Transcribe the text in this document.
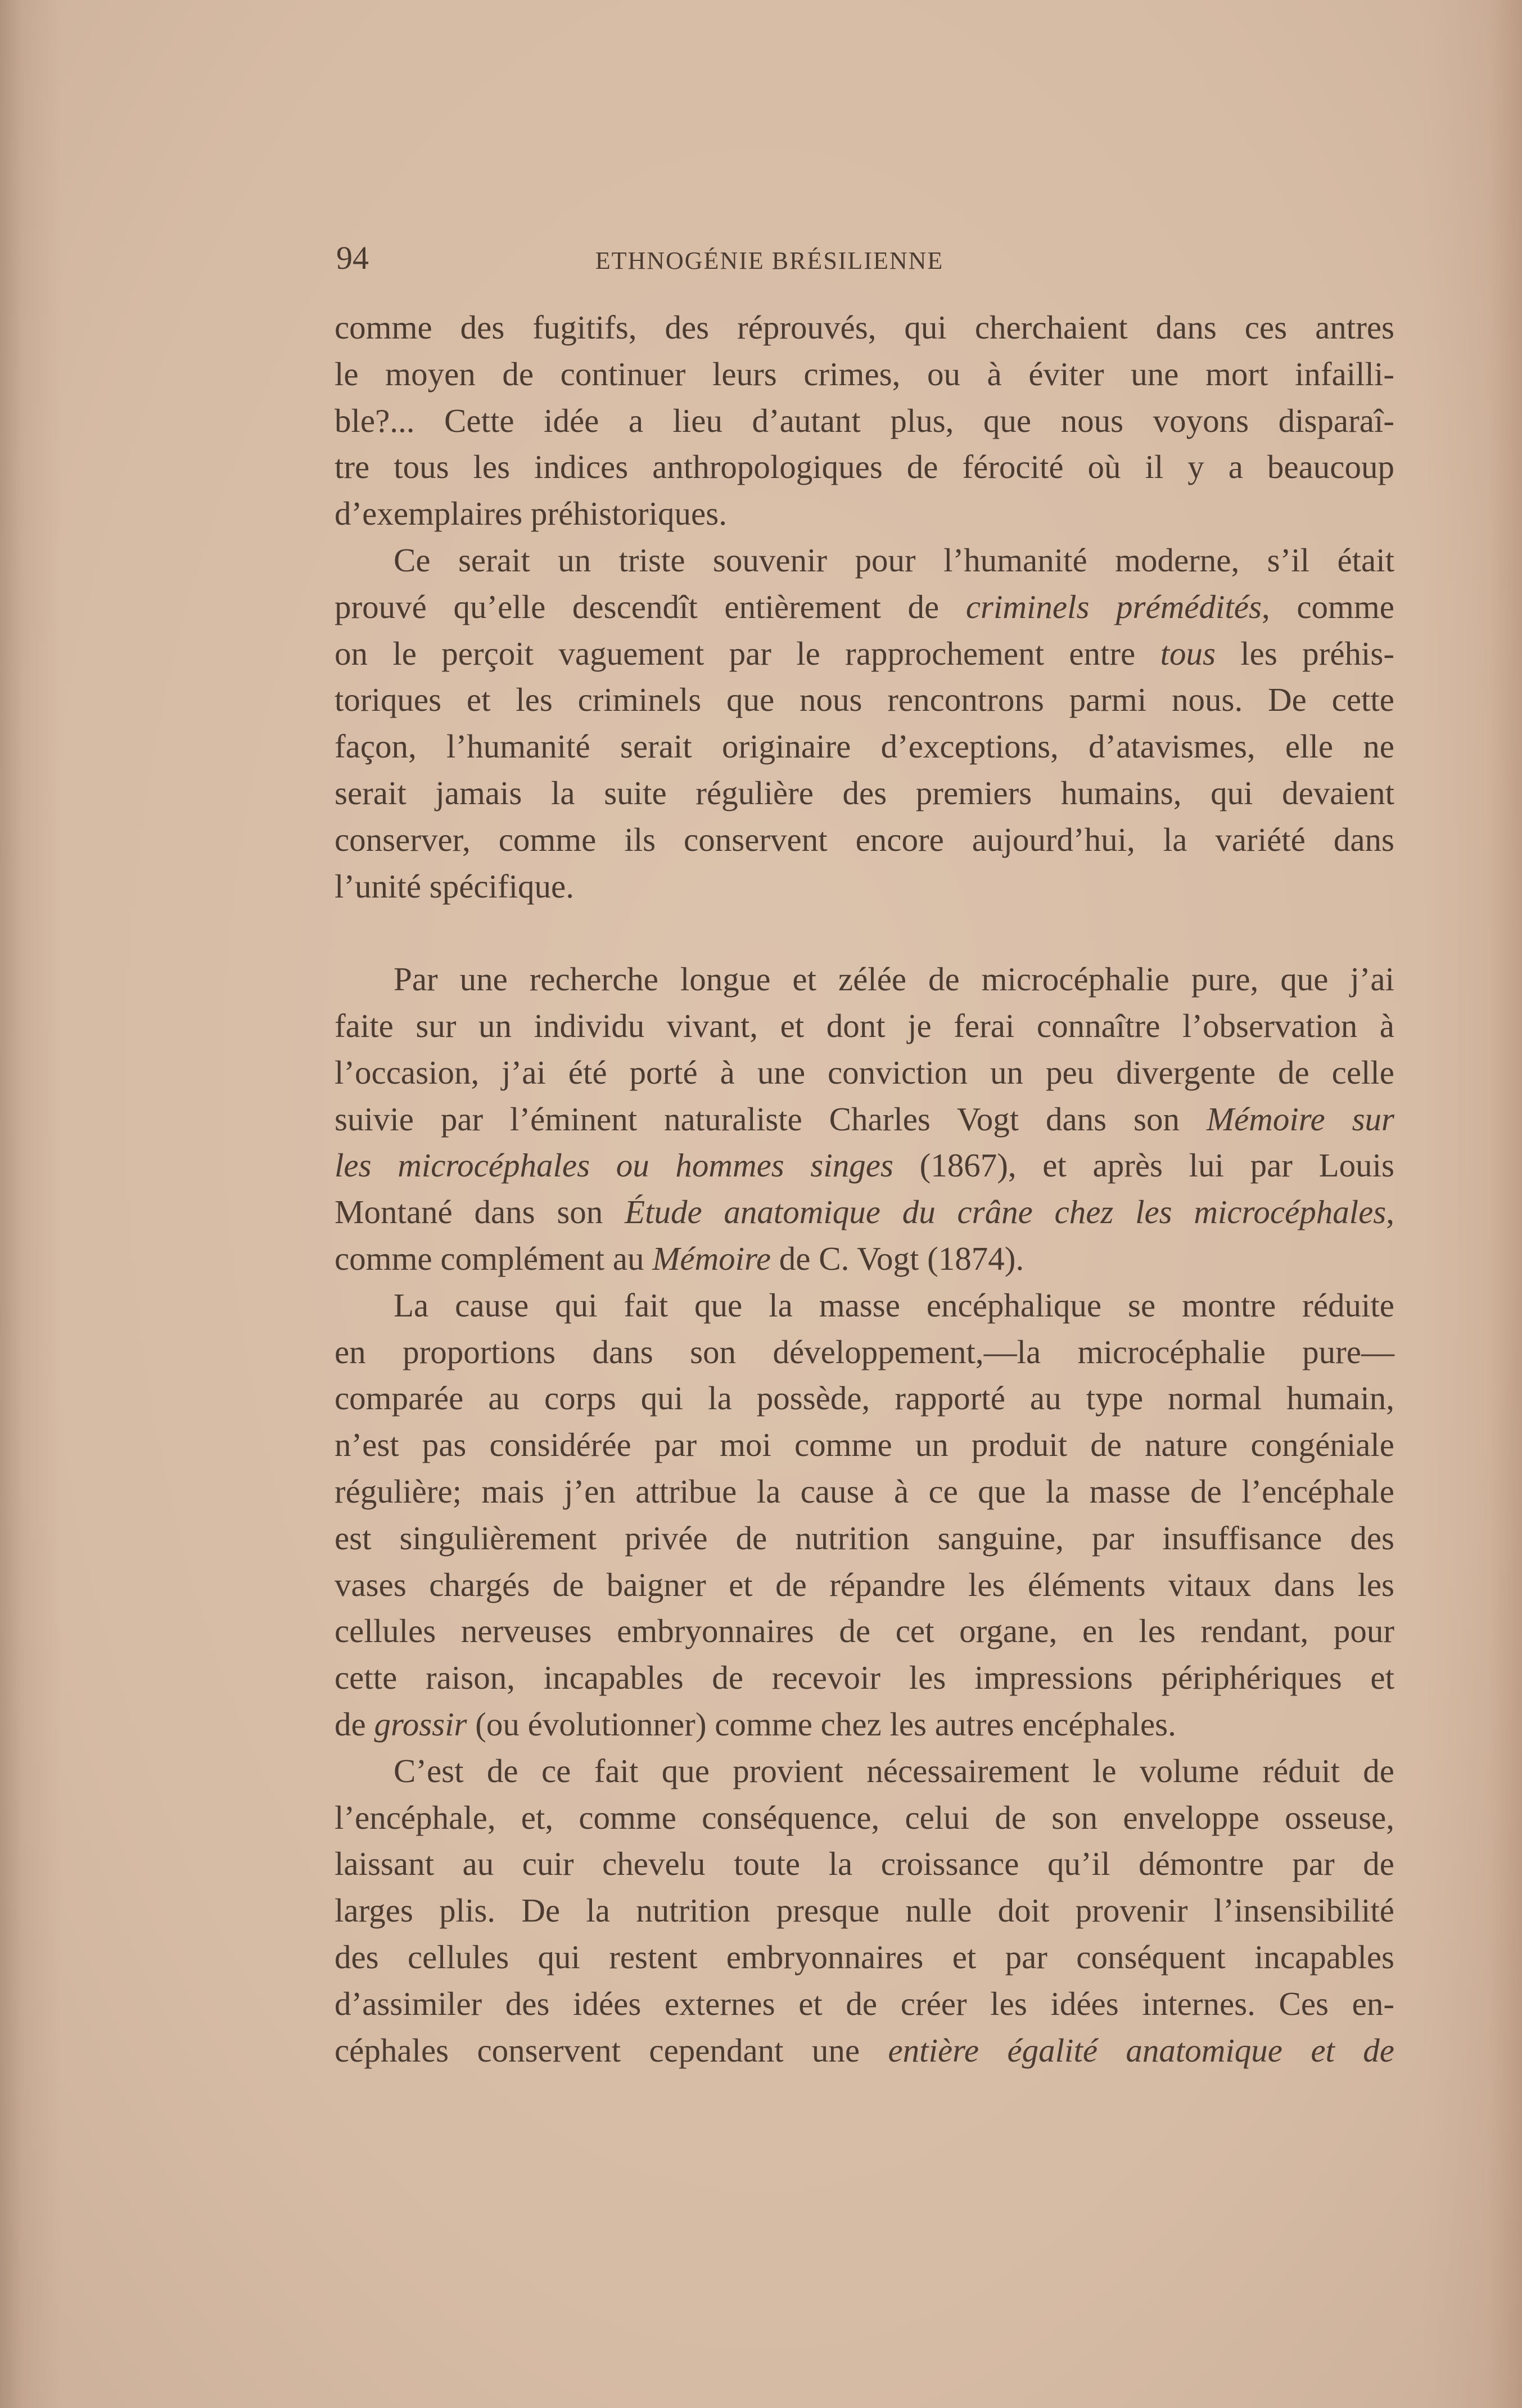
94	ETHNOGÉNIE BRÉSILIENNE
comme des fugitifs, des réprouvés, qui cherchaient dans ces antres
le moyen de continuer leurs crimes, ou à éviter une mort infailli-
ble?... Cette idée a lieu d’autant plus, que nous voyons disparaî-
tre tous les indices anthropologiques de férocité où il y a beaucoup
d’exemplaires préhistoriques.
Ce serait un triste souvenir pour l’humanité moderne, s’il était
prouvé qu’elle descendît entièrement de criminels prémédités, comme
on le perçoit vaguement par le rapprochement entre tous les préhis-
toriques et les criminels que nous rencontrons parmi nous. De cette
façon, l’humanité serait originaire d’exceptions, d’atavismes, elle ne
serait jamais la suite régulière des premiers humains, qui devaient
conserver, comme ils conservent encore aujourd’hui, la variété dans
l’unité spécifique.
Par une recherche longue et zélée de microcéphalie pure, que j’ai
faite sur un individu vivant, et dont je ferai connaître l’observation à
l’occasion, j’ai été porté à une conviction un peu divergente de celle
suivie par l’éminent naturaliste Charles Vogt dans son Mémoire sur
les microcéphales ou hommes singes (1867), et après lui par Louis
Montané dans son Étude anatomique du crâne chez les microcéphales,
comme complément au Mémoire de C. Vogt (1874).
La cause qui fait que la masse encéphalique se montre réduite
en proportions dans son développement,—la microcéphalie pure—
comparée au corps qui la possède, rapporté au type normal humain,
n’est pas considérée par moi comme un produit de nature congéniale
régulière; mais j’en attribue la cause à ce que la masse de l’encéphale
est singulièrement privée de nutrition sanguine, par insuffisance des
vases chargés de baigner et de répandre les éléments vitaux dans les
cellules nerveuses embryonnaires de cet organe, en les rendant, pour
cette raison, incapables de recevoir les impressions périphériques et
de grossir (ou évolutionner) comme chez les autres encéphales.
C’est de ce fait que provient nécessairement le volume réduit de
l’encéphale, et, comme conséquence, celui de son enveloppe osseuse,
laissant au cuir chevelu toute la croissance qu’il démontre par de
larges plis. De la nutrition presque nulle doit provenir l’insensibilité
des cellules qui restent embryonnaires et par conséquent incapables
d’assimiler des idées externes et de créer les idées internes. Ces en-
céphales conservent cependant une entière égalité anatomique et de
